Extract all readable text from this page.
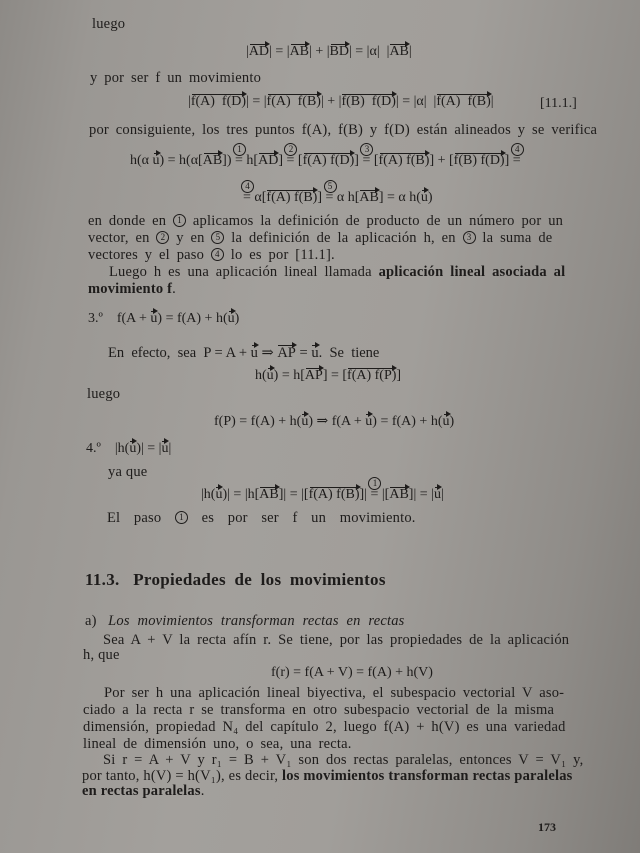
luego
|AD| = |AB| + |BD| = |α|  |AB|
y por ser f un movimiento
|f(A)  f(D)| = |f(A)  f(B)| + |f(B)  f(D)| = |α|  |f(A)  f(B)|	[11.1.]
por consiguiente, los tres puntos f(A), f(B) y f(D) están alineados y se verifica
h(α u) = h(α[AB]) =
1
h[AD] =
2
[f(A) f(D)] =
3
[f(A) f(B)] + [f(B) f(D)] =
4
=
4
α[f(A) f(B)] =
5
α h[AB] = α h(u)
en donde en 1 aplicamos la definición de producto de un número por un
vector, en 2 y en 5 la definición de la aplicación h, en 3 la suma de
vectores y el paso 4 lo es por [11.1].
Luego h es una aplicación lineal llamada aplicación lineal asociada al
movimiento f.
3.º    f(A + u) = f(A) + h(u)
En  efecto,  sea  P = A + u ⇒ AP = u.  Se  tiene
h(u) = h[AP] = [f(A) f(P)]
luego
f(P) = f(A) + h(u) ⇒ f(A + u) = f(A) + h(u)
4.º    |h(u)| = |u|
ya que
|h(u)| = |h[AB]| = |[f(A) f(B)]| =
1
|[AB]| = |u|
El  paso  1  es  por  ser  f  un  movimiento.
11.3. Propiedades de los movimientos
a) Los movimientos transforman rectas en rectas
Sea A + V la recta afín r. Se tiene, por las propiedades de la aplicación
h, que
f(r) = f(A + V) = f(A) + h(V)
Por ser h una aplicación lineal biyectiva, el subespacio vectorial V aso-
ciado a la recta r se transforma en otro subespacio vectorial de la misma
dimensión, propiedad N₄ del capítulo 2, luego f(A) + h(V) es una variedad
lineal de dimensión uno, o sea, una recta.
Si r = A + V y r₁ = B + V₁ son dos rectas paralelas, entonces V = V₁ y,
por tanto, h(V) = h(V₁), es decir, los movimientos transforman rectas paralelas
en rectas paralelas.
173
